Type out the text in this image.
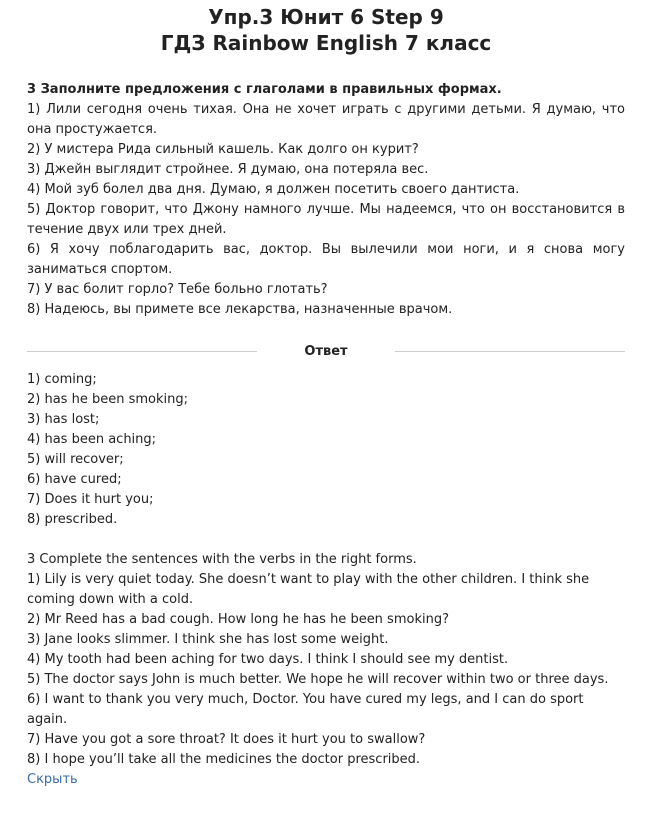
Упр.3 Юнит 6 Step 9
ГДЗ Rainbow English 7 класс
3 Заполните предложения с глаголами в правильных формах.

1) Лили сегодня очень тихая. Она не хочет играть с другими детьми. Я думаю, что она простужается.

2) У мистера Рида сильный кашель. Как долго он курит?

3) Джейн выглядит стройнее. Я думаю, она потеряла вес.

4) Мой зуб болел два дня. Думаю, я должен посетить своего дантиста.

5) Доктор говорит, что Джону намного лучше. Мы надеемся, что он восстановится в течение двух или трех дней.

6) Я хочу поблагодарить вас, доктор. Вы вылечили мои ноги, и я снова могу заниматься спортом.

7) У вас болит горло? Тебе больно глотать?

8) Надеюсь, вы примете все лекарства, назначенные врачом.

Ответ

1) coming;

2) has he been smoking;

3) has lost;

4) has been aching;

5) will recover;

6) have cured;

7) Does it hurt you;

8) prescribed.

3 Complete the sentences with the verbs in the right forms.

1) Lily is very quiet today. She doesn’t want to play with the other children. I think she coming down with a cold.

2) Mr Reed has a bad cough. How long he has he been smoking?

3) Jane looks slimmer. I think she has lost some weight.

4) My tooth had been aching for two days. I think I should see my dentist.

5) The doctor says John is much better. We hope he will recover within two or three days.

6) I want to thank you very much, Doctor. You have cured my legs, and I can do sport again.

7) Have you got a sore throat? It does it hurt you to swallow?

8) I hope you’ll take all the medicines the doctor prescribed.

Скрыть
